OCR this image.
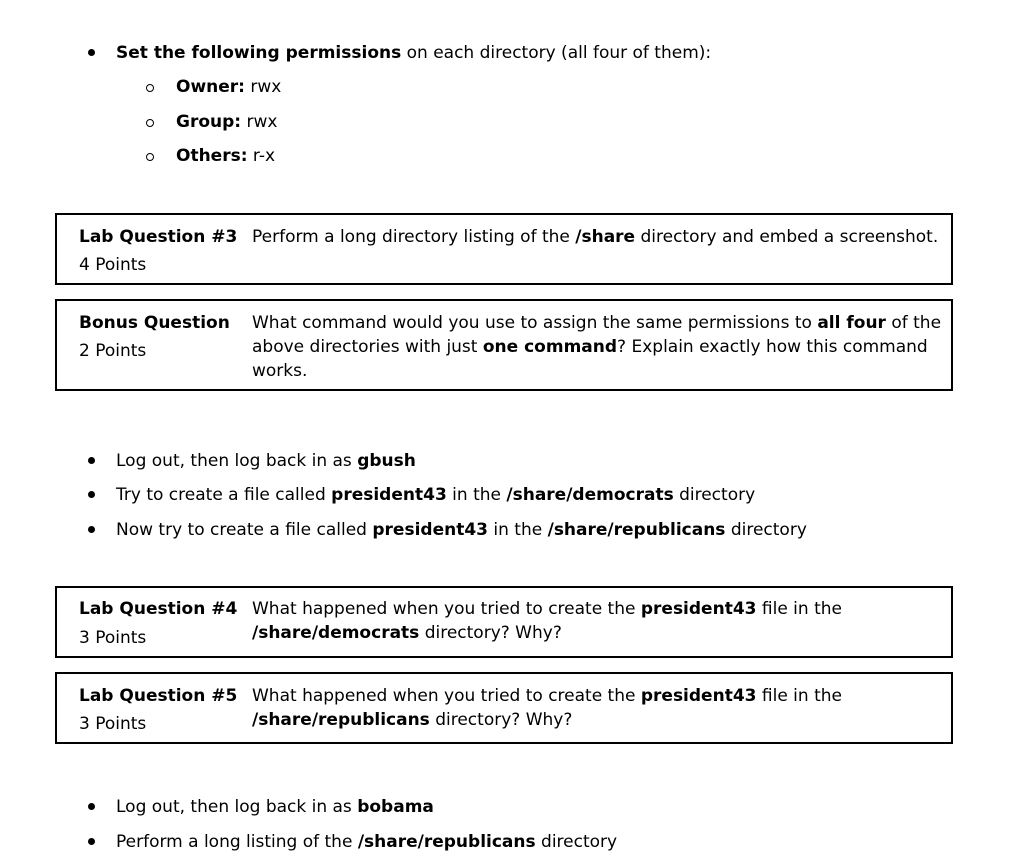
Set the following permissions on each directory (all four of them):
Owner: rwx
Group: rwx
Others: r-x
Lab Question #3
4 Points
Perform a long directory listing of the /share directory and embed a screenshot.
Bonus Question
2 Points
What command would you use to assign the same permissions to all four of the
above directories with just one command? Explain exactly how this command
works.
Log out, then log back in as gbush
Try to create a file called president43 in the /share/democrats directory
Now try to create a file called president43 in the /share/republicans directory
Lab Question #4
3 Points
What happened when you tried to create the president43 file in the
/share/democrats directory? Why?
Lab Question #5
3 Points
What happened when you tried to create the president43 file in the
/share/republicans directory? Why?
Log out, then log back in as bobama
Perform a long listing of the /share/republicans directory
